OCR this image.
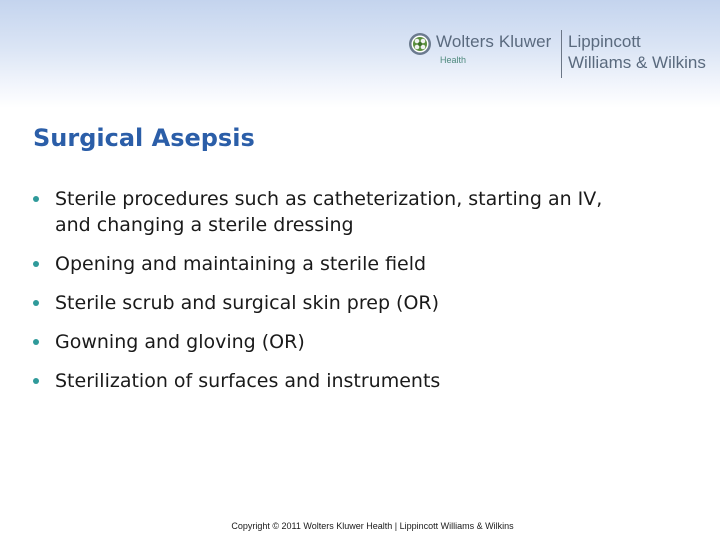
Wolters Kluwer
Health
Lippincott
Williams & Wilkins
Surgical Asepsis
Sterile procedures such as catheterization, starting an IV,
and changing a sterile dressing
Opening and maintaining a sterile field
Sterile scrub and surgical skin prep (OR)
Gowning and gloving (OR)
Sterilization of surfaces and instruments
Copyright © 2011 Wolters Kluwer Health | Lippincott Williams & Wilkins
